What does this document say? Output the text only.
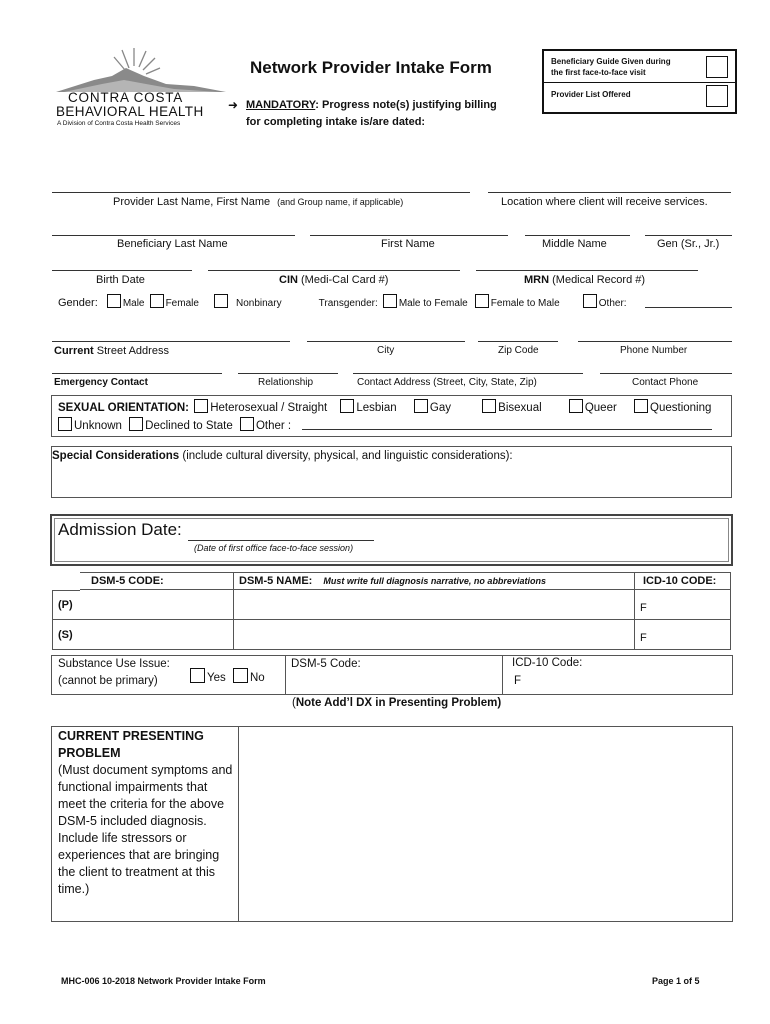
CONTRA COSTA
BEHAVIORAL HEALTH
A Division of Contra Costa Health Services
Network Provider Intake Form
➜ MANDATORY: Progress note(s) justifying billing
for completing intake is/are dated:
Beneficiary Guide Given during
the first face-to-face visit
Provider List Offered
Provider Last Name, First Name (and Group name, if applicable)	Location where client will receive services.
Beneficiary Last Name	First Name	Middle Name	Gen (Sr., Jr.)
Birth Date	CIN (Medi-Cal Card #)	MRN (Medical Record #)
Gender:	Male Female	Nonbinary	Transgender: Male to Female Female to Male	Other:
Current Street Address	City	Zip Code	Phone Number
Emergency Contact	Relationship	Contact Address (Street, City, State, Zip)	Contact Phone
SEXUAL ORIENTATION: Heterosexual / Straight	Lesbian	Gay	Bisexual	Queer	Questioning
Unknown Declined to State Other :
Special Considerations (include cultural diversity, physical, and linguistic considerations):
Admission Date:
(Date of first office face-to-face session)
DSM-5 CODE:	DSM-5 NAME: Must write full diagnosis narrative, no abbreviations	ICD-10 CODE:
(P)		F
(S)		F
Substance Use Issue:
(cannot be primary)	Yes No
DSM-5 Code:	ICD-10 Code:
F
(Note Add’l DX in Presenting Problem)
CURRENT PRESENTING
PROBLEM
(Must document symptoms and functional impairments that meet the criteria for the above DSM-5 included diagnosis. Include life stressors or experiences that are bringing the client to treatment at this time.)
MHC-006 10-2018 Network Provider Intake Form	Page 1 of 5
